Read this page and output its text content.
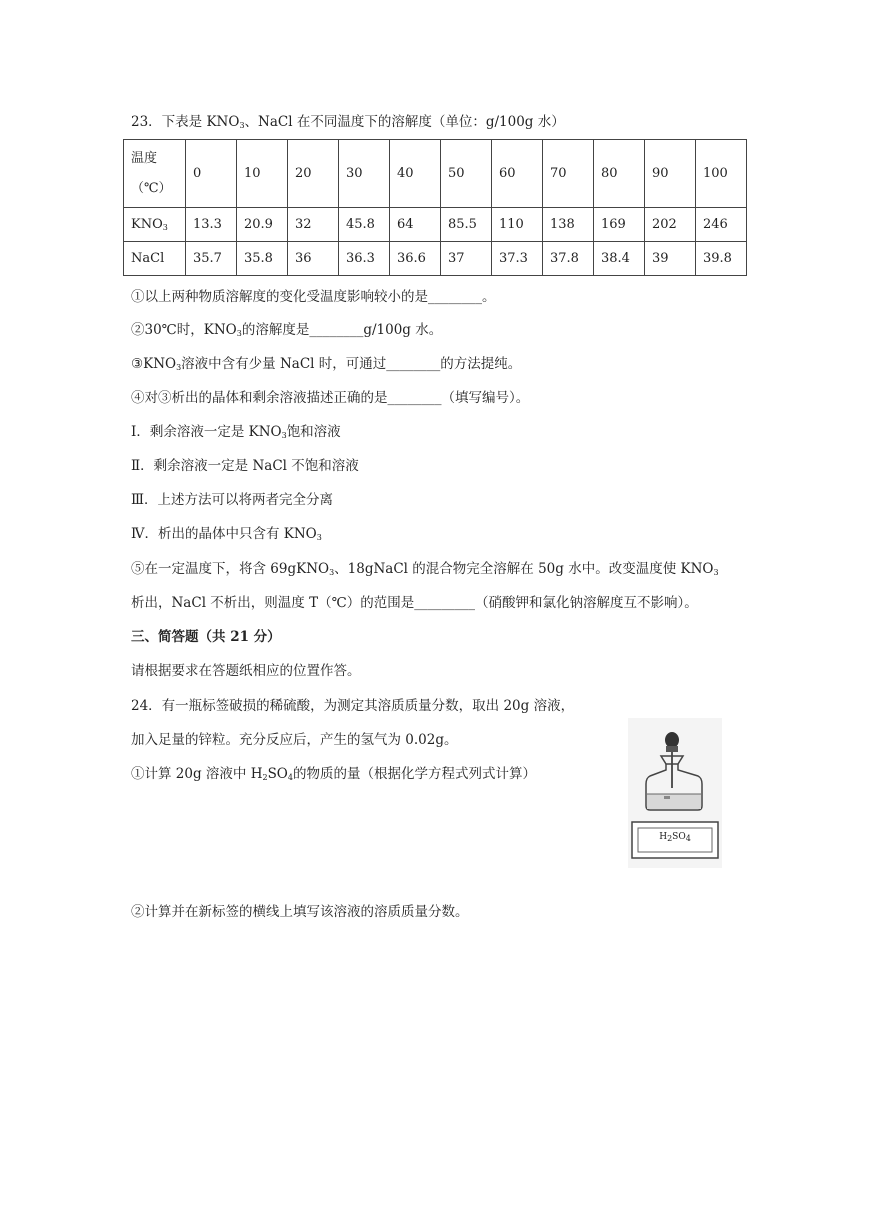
23．下表是 $KNO_3$、NaCl 在不同温度下的溶解度（单位：g/100g 水）
温度
（℃）	0	10	20	30	40	50	60	70	80	90	100
$KNO_3$	13.3	20.9	32	45.8	64	85.5	110	138	169	202	246
NaCl	35.7	35.8	36	36.3	36.6	37	37.3	37.8	38.4	39	39.8
①以上两种物质溶解度的变化受温度影响较小的是________。
②30℃时，$KNO_3$的溶解度是________g/100g 水。
$③KNO_3$溶液中含有少量 NaCl 时，可通过________的方法提纯。
④对③析出的晶体和剩余溶液描述正确的是________（填写编号）。
Ⅰ．剩余溶液一定是 $KNO_3$饱和溶液
Ⅱ．剩余溶液一定是 NaCl 不饱和溶液
Ⅲ．上述方法可以将两者完全分离
Ⅳ．析出的晶体中只含有 $KNO_3$
⑤在一定温度下，将含 69gKNO$_3$、18gNaCl 的混合物完全溶解在 50g 水中。改变温度使 $KNO_3$
析出，NaCl 不析出，则温度 T（℃）的范围是_________（硝酸钾和氯化钠溶解度互不影响）。
三、简答题（共 21 分）
请根据要求在答题纸相应的位置作答。
24．有一瓶标签破损的稀硫酸，为测定其溶质质量分数，取出 20g 溶液，
加入足量的锌粒。充分反应后，产生的氢气为 0.02g。
①计算 20g 溶液中 $H_2SO_4$的物质的量（根据化学方程式列式计算）
②计算并在新标签的横线上填写该溶液的溶质质量分数。
$H_2SO_4$
